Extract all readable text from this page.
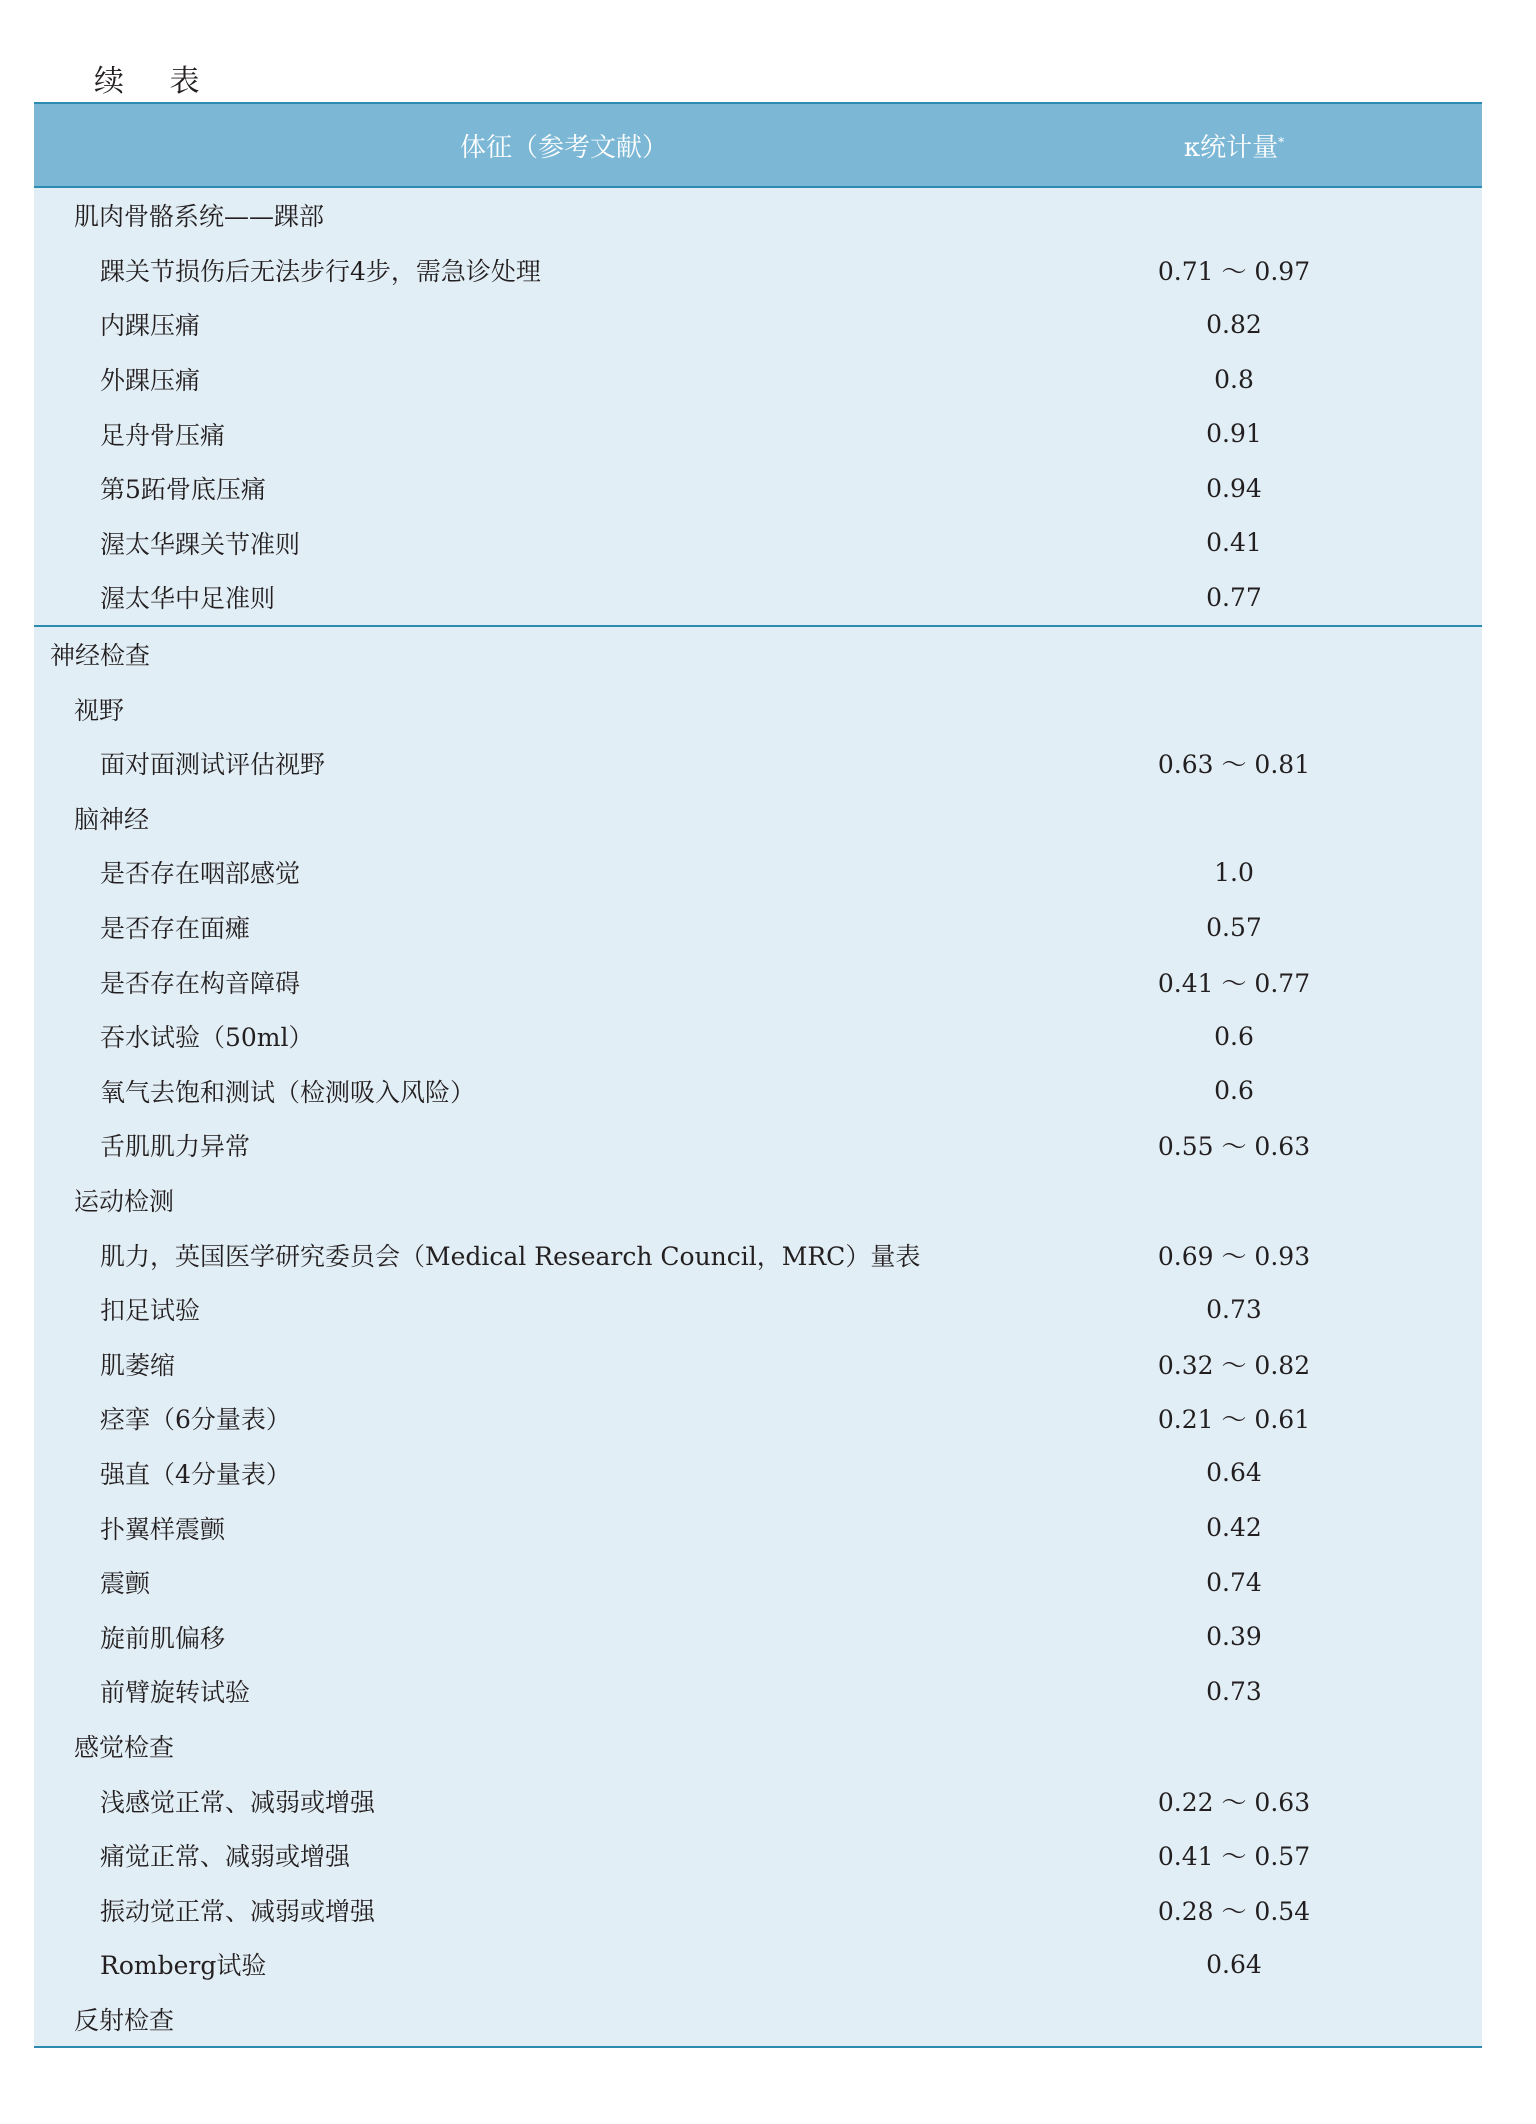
续 表
体征（参考文献）	κ统计量*
肌肉骨骼系统——踝部
踝关节损伤后无法步行4步，需急诊处理	0.71 ～ 0.97
内踝压痛	0.82
外踝压痛	0.8
足舟骨压痛	0.91
第5跖骨底压痛	0.94
渥太华踝关节准则	0.41
渥太华中足准则	0.77
神经检查
视野
面对面测试评估视野	0.63 ～ 0.81
脑神经
是否存在咽部感觉	1.0
是否存在面瘫	0.57
是否存在构音障碍	0.41 ～ 0.77
吞水试验（50ml）	0.6
氧气去饱和测试（检测吸入风险）	0.6
舌肌肌力异常	0.55 ～ 0.63
运动检测
肌力，英国医学研究委员会（Medical Research Council，MRC）量表	0.69 ～ 0.93
扣足试验	0.73
肌萎缩	0.32 ～ 0.82
痉挛（6分量表）	0.21 ～ 0.61
强直（4分量表）	0.64
扑翼样震颤	0.42
震颤	0.74
旋前肌偏移	0.39
前臂旋转试验	0.73
感觉检查
浅感觉正常、减弱或增强	0.22 ～ 0.63
痛觉正常、减弱或增强	0.41 ～ 0.57
振动觉正常、减弱或增强	0.28 ～ 0.54
Romberg试验	0.64
反射检查
